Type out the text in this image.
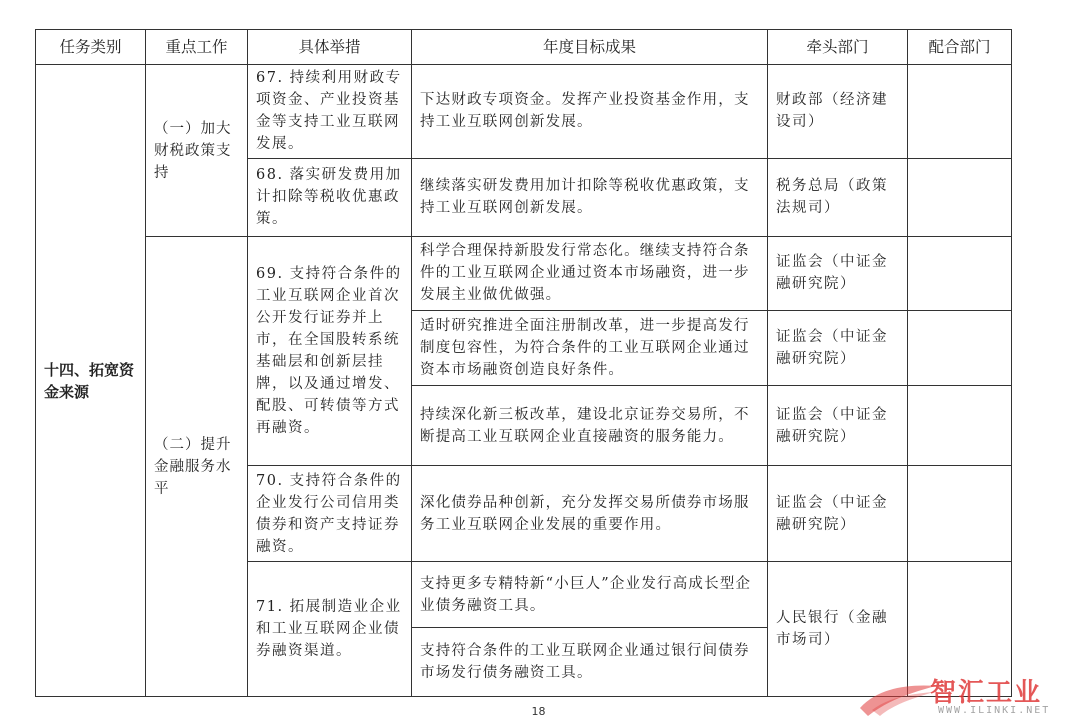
任务类别	重点工作	具体举措	年度目标成果	牵头部门	配合部门
十四、拓宽资金来源	（一）加大财税政策支持	67. 持续利用财政专项资金、产业投资基金等支持工业互联网发展。	下达财政专项资金。发挥产业投资基金作用，支持工业互联网创新发展。	财政部（经济建设司）	
		68. 落实研发费用加计扣除等税收优惠政策。	继续落实研发费用加计扣除等税收优惠政策，支持工业互联网创新发展。	税务总局（政策法规司）	
	（二）提升金融服务水平	69. 支持符合条件的工业互联网企业首次公开发行证券并上市，在全国股转系统基础层和创新层挂牌，以及通过增发、配股、可转债等方式再融资。	科学合理保持新股发行常态化。继续支持符合条件的工业互联网企业通过资本市场融资，进一步发展主业做优做强。	证监会（中证金融研究院）	
			适时研究推进全面注册制改革，进一步提高发行制度包容性，为符合条件的工业互联网企业通过资本市场融资创造良好条件。	证监会（中证金融研究院）	
			持续深化新三板改革，建设北京证券交易所，不断提高工业互联网企业直接融资的服务能力。	证监会（中证金融研究院）	
		70. 支持符合条件的企业发行公司信用类债券和资产支持证券融资。	深化债券品种创新，充分发挥交易所债券市场服务工业互联网企业发展的重要作用。	证监会（中证金融研究院）	
		71. 拓展制造业企业和工业互联网企业债券融资渠道。	支持更多专精特新“小巨人”企业发行高成长型企业债务融资工具。	人民银行（金融市场司）	
			支持符合条件的工业互联网企业通过银行间债券市场发行债务融资工具。		
18
智汇工业
WWW.ILINKI.NET
